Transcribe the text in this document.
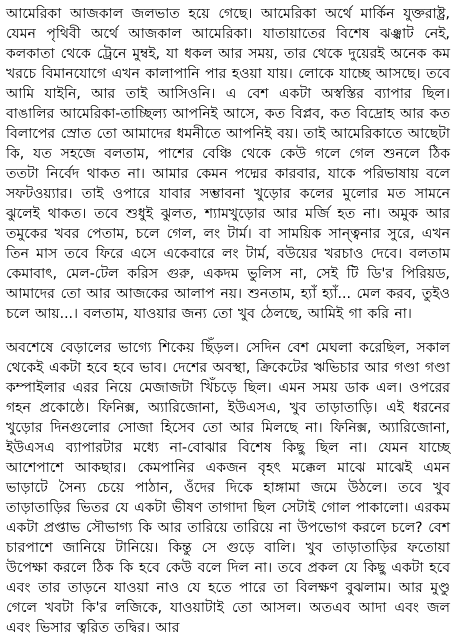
আমেরিকা আজকাল জলভাত হয়ে গেছে। আমেরিকা অর্থে মার্কিন যুক্তরাষ্ট্র, যেমন পৃথিবী অর্থে আজকাল আমেরিকা। যাতায়াতের বিশেষ ঝঞ্ঝাট নেই, কলকাতা থেকে ট্রেনে মুম্বই, যা ধকল আর সময়, তার থেকে দুয়েরই অনেক কম খরচে বিমানযোগে এখন কালাপানি পার হওয়া যায়। লোকে যাচ্ছে আসছে। তবে আমি যাইনি, আর তাই আসিওনি। এ বেশ একটা অস্বস্তির ব্যাপার ছিল। বাঙালির আমেরিকা-তাচ্ছিল্য আপনিই আসে, কত বিপ্লব, কত বিদ্রোহ আর কত বিলাপের স্রোত তো আমাদের ধমনীতে আপনিই বয়। তাই আমেরিকাতে আছেটা কি, যত সহজে বলতাম, পাশের বেঞ্চি থেকে কেউ গলে গেল শুনলে ঠিক ততটা নির্বেদ থাকত না। আমার কেমন পদ্মের কারবার, যাকে পরিভাষায় বলে সফটওয়্যার। তাই ওপারে যাবার সম্ভাবনা খুড়োর কলের মুলোর মত সামনে ঝুলেই থাকত। তবে শুধুই ঝুলত, শ্যামখুড়োর আর মর্জি হত না। অমুক আর তমুকের খবর পেতাম, চলে গেল, লং টার্ম। বা সাময়িক সান্ত্বনার সুরে, এখন তিন মাস তবে ফিরে এসে একেবারে লং টার্ম, বউয়ের খরচাও দেবে। বলতাম কেমাবাৎ, মেল-টেল করিস গুরু, একদম ভুলিস না, সেই টি ডি'র পিরিয়ড, আমাদের তো আর আজকের আলাপ নয়। শুনতাম, হ্যাঁ হ্যাঁ... মেল করব, তুইও চলে আয়...। বলতাম, যাওয়ার জন্য তো খুব ঠেলছে, আমিই গা করি না।

অবশেষে বেড়ালের ভাগ্যে শিকেয় ছিঁড়ল। সেদিন বেশ মেঘলা করেছিল, সকাল থেকেই একটা হবে হবে ভাব। দেশের অবস্থা, ক্রিকেটের ঋভিচার আর গণ্ডা গণ্ডা কম্পাইলার এরর নিয়ে মেজাজটা খিঁচড়ে ছিল। এমন সময় ডাক এল। ওপরের গহন প্রকোষ্ঠে। ফিনিক্স, অ্যারিজোনা, ইউএসএ, খুব তাড়াতাড়ি। এই ধরনের খুড়োর দিনগুলোর সোজা হিসেব তো আর মিলছে না। ফিনিক্স, অ্যারিজোনা, ইউএসএ ব্যাপারটার মধ্যে না-বোঝার বিশেষ কিছু ছিল না। যেমন যাচ্ছে আশেপাশে আকছার। কেমপানির একজন বৃহৎ মক্কেল মাঝে মাঝেই এমন ভাড়াটে সৈন্য চেয়ে পাঠান, ওঁদের দিকে হাঙ্গামা জমে উঠলে। তবে খুব তাড়াতাড়ির ভিতর যে একটা ভীষণ তাগাদা ছিল সেটাই গোল পাকালো। এরকম একটা প্রপ্তাভ সৌভাগ্য কি আর তারিয়ে তারিয়ে না উপভোগ করলে চলে? বেশ চারপাশে জানিয়ে টানিয়ে। কিন্তু সে গুড়ে বালি। খুব তাড়াতাড়ির ফতোয়া উপেক্ষা করলে ঠিক কি হবে কেউ বলে দিল না। তবে প্রকল যে কিছু একটা হবে এবং তার তাড়নে যাওয়া নাও যে হতে পারে তা বিলক্ষণ বুঝলাম। আর মুণ্ডু গেলে খবটা কি'র লজিকে, যাওয়াটাই তো আসল। অতএব আদা এবং জল এবং ভিসার ত্বরিত তদ্বির। আর
